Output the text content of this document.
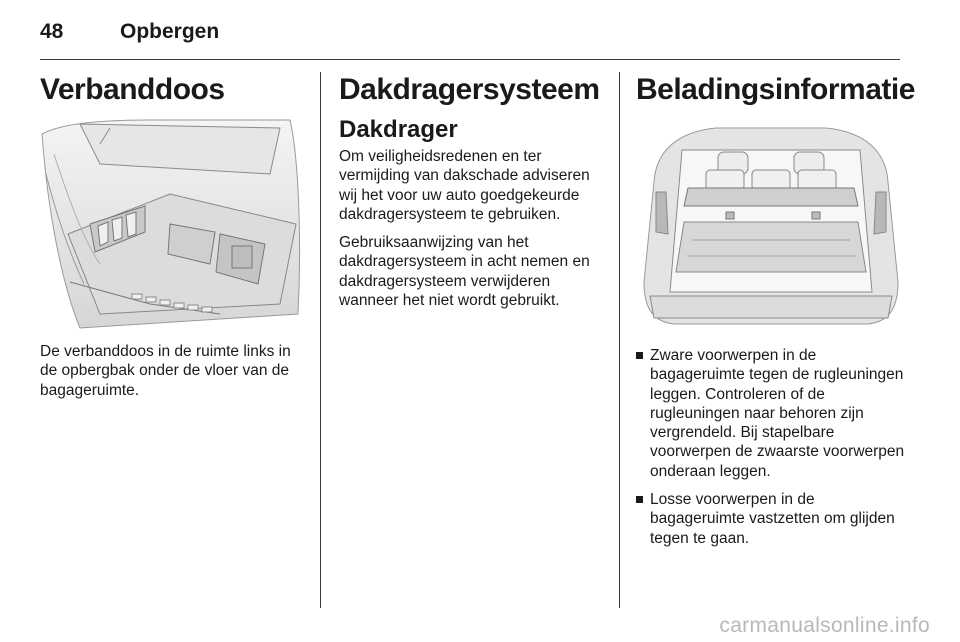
48	Opbergen
Verbanddoos

De verbanddoos in de ruimte links in de opbergbak onder de vloer van de bagageruimte.

Dakdragersysteem
Dakdrager

Om veiligheidsredenen en ter vermijding van dakschade adviseren wij het voor uw auto goedgekeurde dakdragersysteem te gebruiken.

Gebruiksaanwijzing van het dakdragersysteem in acht nemen en dakdragersysteem verwijderen wanneer het niet wordt gebruikt.

Beladingsinformatie
Zware voorwerpen in de bagageruimte tegen de rugleuningen leggen. Controleren of de rugleuningen naar behoren zijn vergrendeld. Bij stapelbare voorwerpen de zwaarste voorwerpen onderaan leggen.
Losse voorwerpen in de bagageruimte vastzetten om glijden tegen te gaan.
carmanualsonline.info
